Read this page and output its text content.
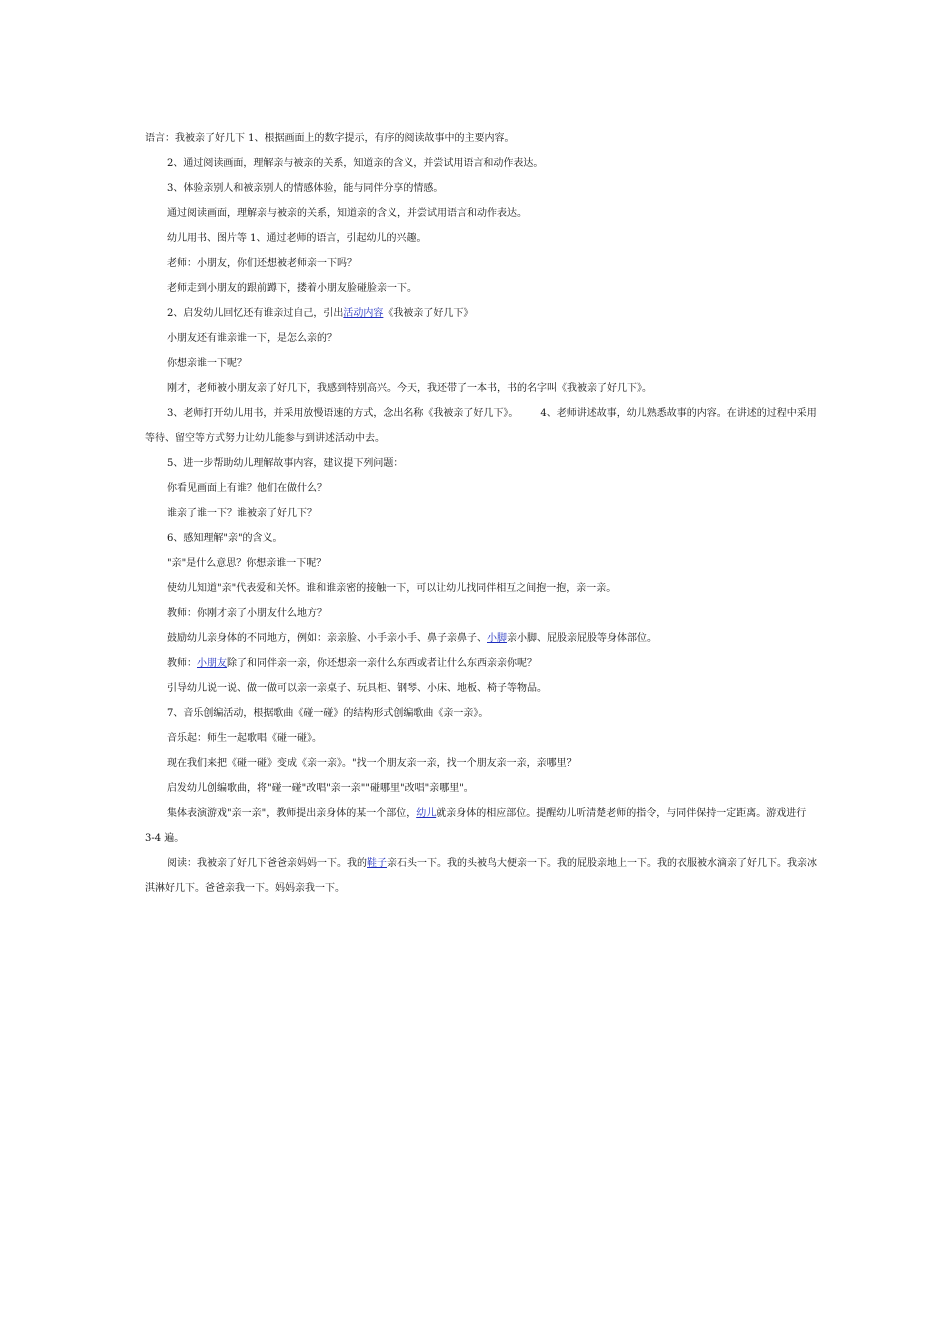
语言：我被亲了好几下 1、根据画面上的数字提示，有序的阅读故事中的主要内容。

2、通过阅读画面，理解亲与被亲的关系，知道亲的含义，并尝试用语言和动作表达。

3、体验亲别人和被亲别人的情感体验，能与同伴分享的情感。

通过阅读画面，理解亲与被亲的关系，知道亲的含义，并尝试用语言和动作表达。

幼儿用书、图片等 1、通过老师的语言，引起幼儿的兴趣。

老师：小朋友，你们还想被老师亲一下吗？

老师走到小朋友的跟前蹲下，搂着小朋友脸碰脸亲一下。

2、启发幼儿回忆还有谁亲过自己，引出活动内容《我被亲了好几下》

小朋友还有谁亲谁一下，是怎么亲的？

你想亲谁一下呢？

刚才，老师被小朋友亲了好几下，我感到特别高兴。今天，我还带了一本书，书的名字叫《我被亲了好几下》。

3、老师打开幼儿用书，并采用放慢语速的方式，念出名称《我被亲了好几下》。 4、老师讲述故事，幼儿熟悉故事的内容。在讲述的过程中采用等待、留空等方式努力让幼儿能参与到讲述活动中去。

5、进一步帮助幼儿理解故事内容，建议提下列问题：

你看见画面上有谁？他们在做什么？

谁亲了谁一下？谁被亲了好几下？

6、感知理解"亲"的含义。

"亲"是什么意思？你想亲谁一下呢？

使幼儿知道"亲"代表爱和关怀。谁和谁亲密的接触一下，可以让幼儿找同伴相互之间抱一抱，亲一亲。

教师：你刚才亲了小朋友什么地方？

鼓励幼儿亲身体的不同地方，例如：亲亲脸、小手亲小手、鼻子亲鼻子、小脚亲小脚、屁股亲屁股等身体部位。

教师：小朋友除了和同伴亲一亲，你还想亲一亲什么东西或者让什么东西亲亲你呢？

引导幼儿说一说、做一做可以亲一亲桌子、玩具柜、钢琴、小床、地板、椅子等物品。

7、音乐创编活动，根据歌曲《碰一碰》的结构形式创编歌曲《亲一亲》。

音乐起：师生一起歌唱《碰一碰》。

现在我们来把《碰一碰》变成《亲一亲》。"找一个朋友亲一亲，找一个朋友亲一亲，亲哪里？

启发幼儿创编歌曲，将"碰一碰"改唱"亲一亲""碰哪里"改唱"亲哪里"。

集体表演游戏"亲一亲"，教师提出亲身体的某一个部位，幼儿就亲身体的相应部位。提醒幼儿听清楚老师的指令，与同伴保持一定距离。游戏进行 3-4 遍。

阅读：我被亲了好几下爸爸亲妈妈一下。我的鞋子亲石头一下。我的头被鸟大便亲一下。我的屁股亲地上一下。我的衣服被水滴亲了好几下。我亲冰淇淋好几下。爸爸亲我一下。妈妈亲我一下。
